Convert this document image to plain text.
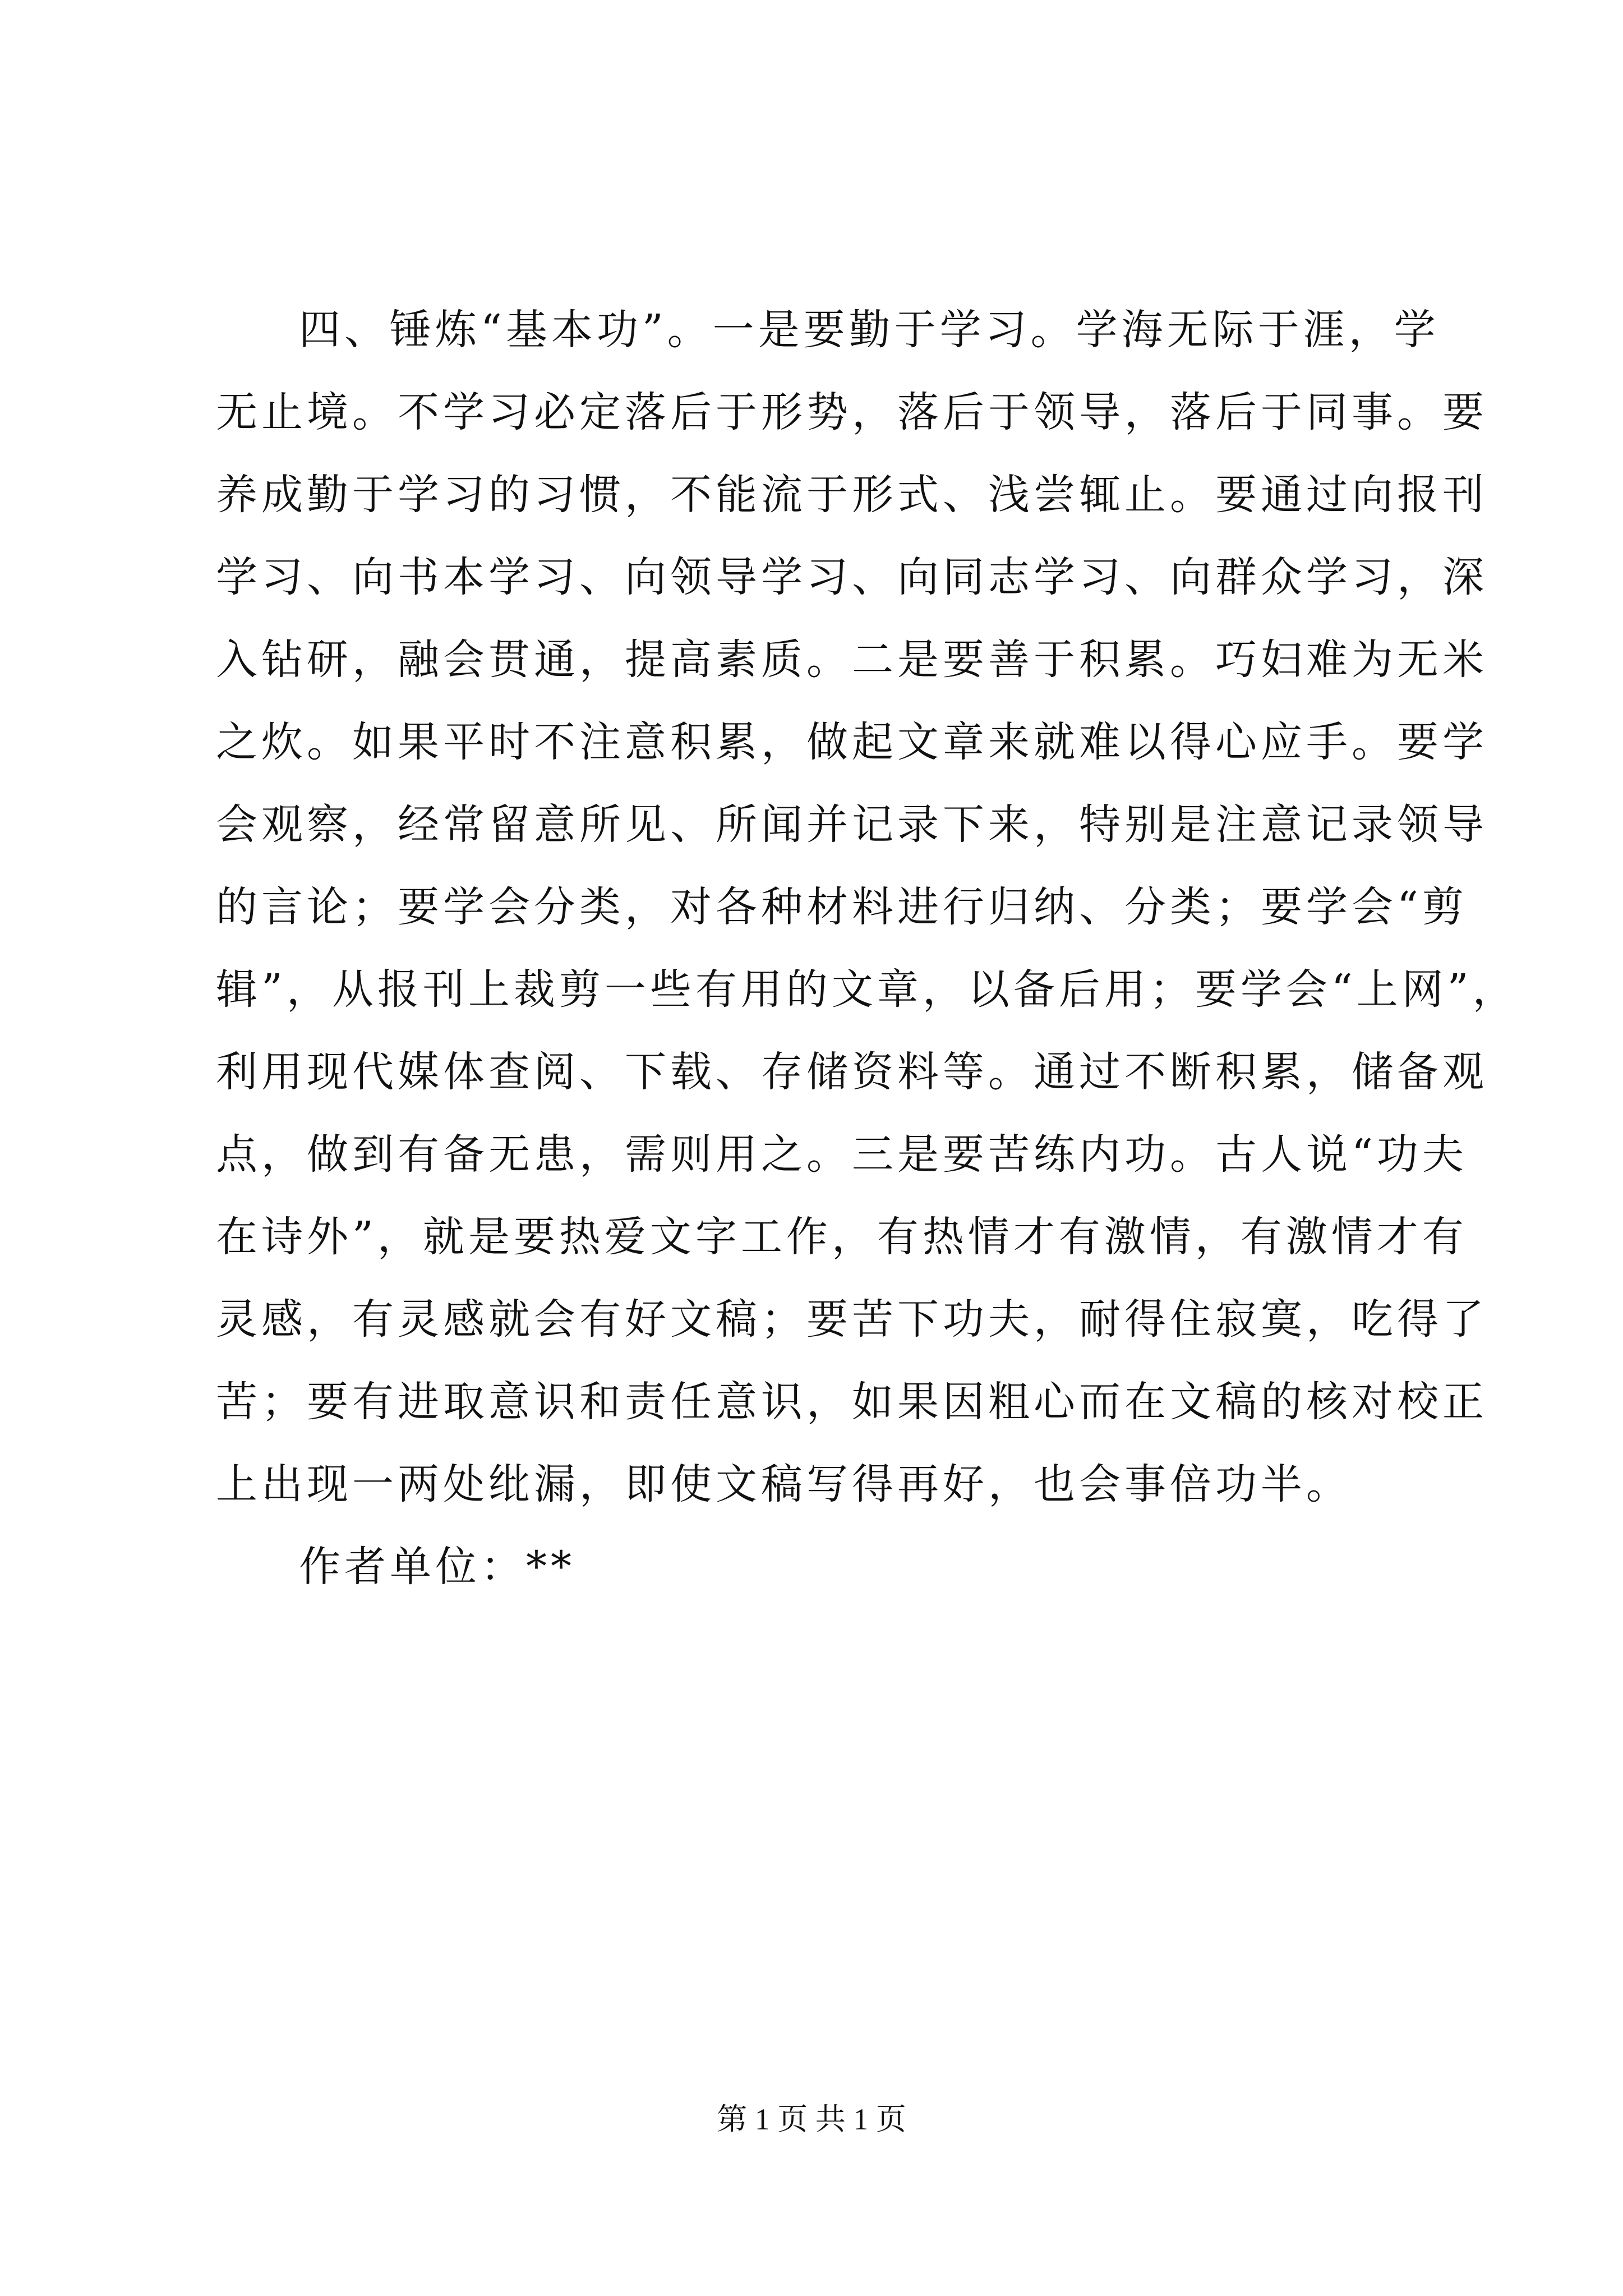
四、锤炼“基本功”。一是要勤于学习。学海无际于涯，学
无止境。不学习必定落后于形势，落后于领导，落后于同事。要
养成勤于学习的习惯，不能流于形式、浅尝辄止。要通过向报刊
学习、向书本学习、向领导学习、向同志学习、向群众学习，深
入钻研，融会贯通，提高素质。二是要善于积累。巧妇难为无米
之炊。如果平时不注意积累，做起文章来就难以得心应手。要学
会观察，经常留意所见、所闻并记录下来，特别是注意记录领导
的言论；要学会分类，对各种材料进行归纳、分类；要学会“剪
辑”，从报刊上裁剪一些有用的文章，以备后用；要学会“上网”，
利用现代媒体查阅、下载、存储资料等。通过不断积累，储备观
点，做到有备无患，需则用之。三是要苦练内功。古人说“功夫
在诗外”，就是要热爱文字工作，有热情才有激情，有激情才有
灵感，有灵感就会有好文稿；要苦下功夫，耐得住寂寞，吃得了
苦；要有进取意识和责任意识，如果因粗心而在文稿的核对校正
上出现一两处纰漏，即使文稿写得再好，也会事倍功半。
作者单位：**
第 1 页 共 1 页
